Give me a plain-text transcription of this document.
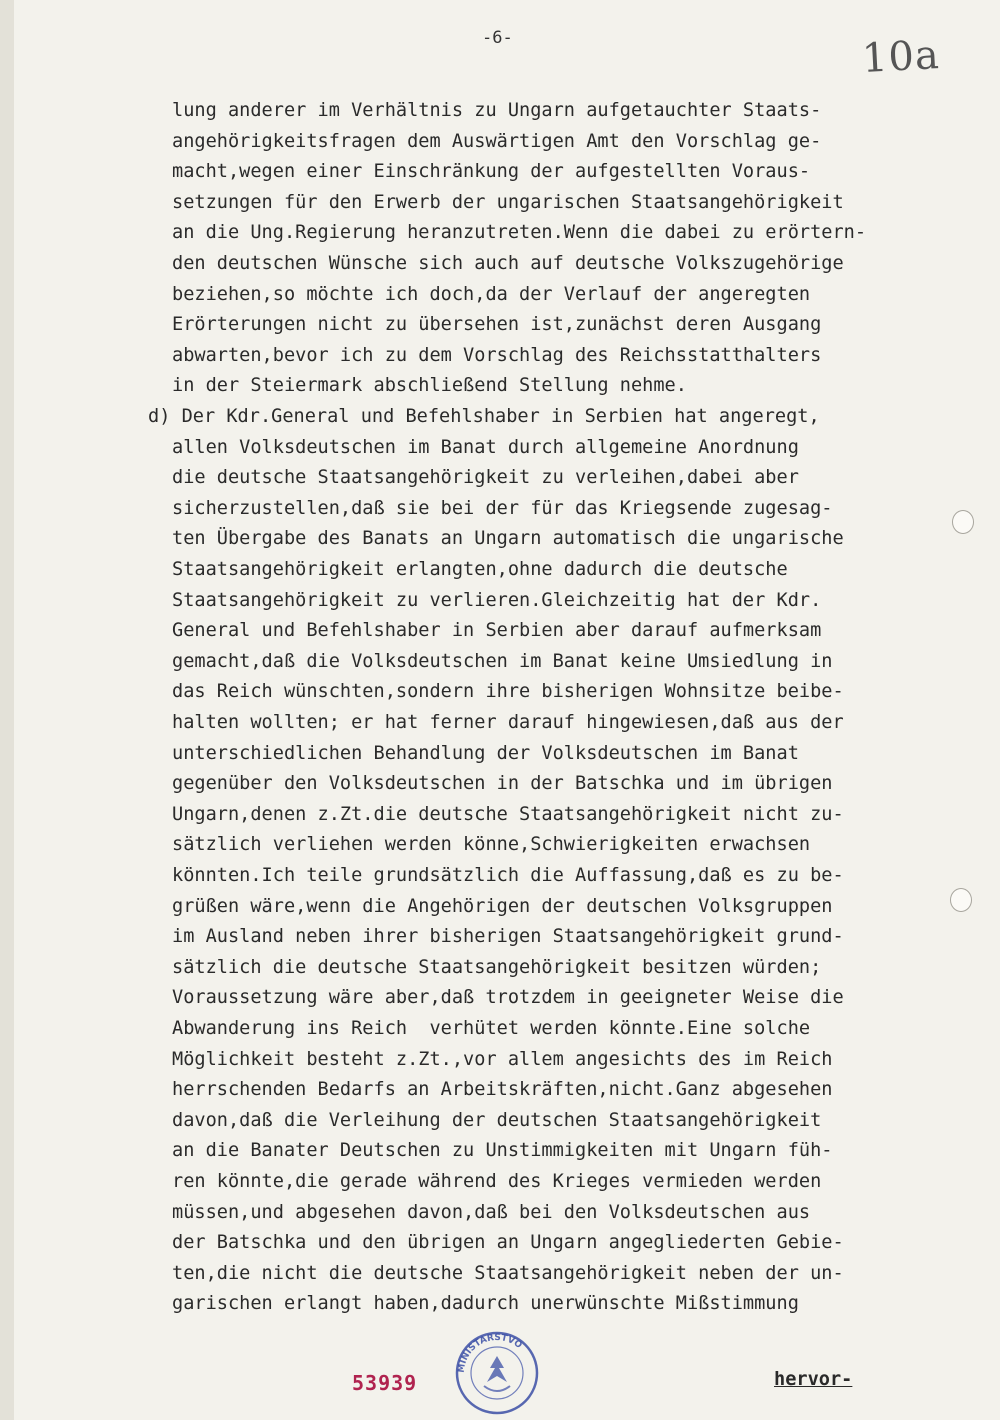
-6-	10a
lung anderer im Verhältnis zu Ungarn aufgetauchter Staats-
angehörigkeitsfragen dem Auswärtigen Amt den Vorschlag ge-
macht,wegen einer Einschränkung der aufgestellten Voraus-
setzungen für den Erwerb der ungarischen Staatsangehörigkeit
an die Ung.Regierung heranzutreten.Wenn die dabei zu erörtern-
den deutschen Wünsche sich auch auf deutsche Volkszugehörige
beziehen,so möchte ich doch,da der Verlauf der angeregten
Erörterungen nicht zu übersehen ist,zunächst deren Ausgang
abwarten,bevor ich zu dem Vorschlag des Reichsstatthalters
in der Steiermark abschließend Stellung nehme.
d) Der Kdr.General und Befehlshaber in Serbien hat angeregt,
allen Volksdeutschen im Banat durch allgemeine Anordnung
die deutsche Staatsangehörigkeit zu verleihen,dabei aber
sicherzustellen,daß sie bei der für das Kriegsende zugesag-
ten Übergabe des Banats an Ungarn automatisch die ungarische
Staatsangehörigkeit erlangten,ohne dadurch die deutsche
Staatsangehörigkeit zu verlieren.Gleichzeitig hat der Kdr.
General und Befehlshaber in Serbien aber darauf aufmerksam
gemacht,daß die Volksdeutschen im Banat keine Umsiedlung in
das Reich wünschten,sondern ihre bisherigen Wohnsitze beibe-
halten wollten; er hat ferner darauf hingewiesen,daß aus der
unterschiedlichen Behandlung der Volksdeutschen im Banat
gegenüber den Volksdeutschen in der Batschka und im übrigen
Ungarn,denen z.Zt.die deutsche Staatsangehörigkeit nicht zu-
sätzlich verliehen werden könne,Schwierigkeiten erwachsen
könnten.Ich teile grundsätzlich die Auffassung,daß es zu be-
grüßen wäre,wenn die Angehörigen der deutschen Volksgruppen
im Ausland neben ihrer bisherigen Staatsangehörigkeit grund-
sätzlich die deutsche Staatsangehörigkeit besitzen würden;
Voraussetzung wäre aber,daß trotzdem in geeigneter Weise die
Abwanderung ins Reich  verhütet werden könnte.Eine solche
Möglichkeit besteht z.Zt.,vor allem angesichts des im Reich
herrschenden Bedarfs an Arbeitskräften,nicht.Ganz abgesehen
davon,daß die Verleihung der deutschen Staatsangehörigkeit
an die Banater Deutschen zu Unstimmigkeiten mit Ungarn füh-
ren könnte,die gerade während des Krieges vermieden werden
müssen,und abgesehen davon,daß bei den Volksdeutschen aus
der Batschka und den übrigen an Ungarn angegliederten Gebie-
ten,die nicht die deutsche Staatsangehörigkeit neben der un-
garischen erlangt haben,dadurch unerwünschte Mißstimmung
53939
MINISTARSTVO
hervor-
